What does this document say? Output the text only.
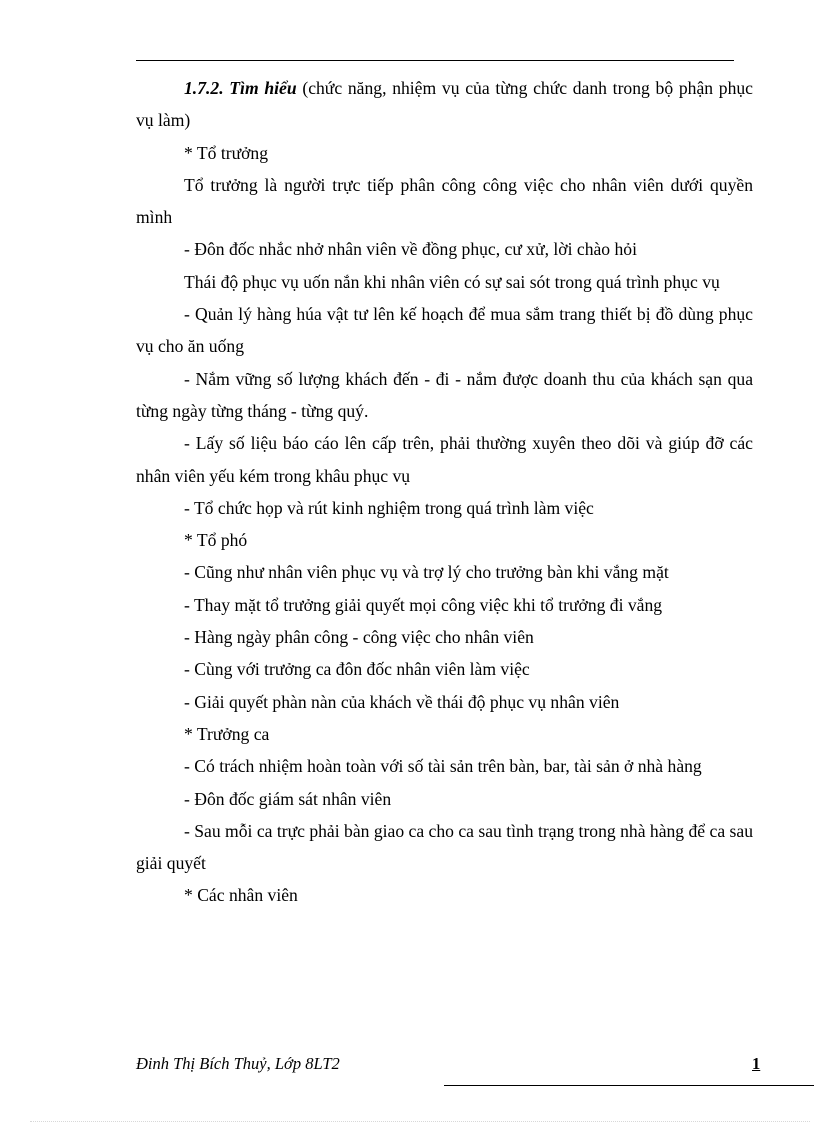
1.7.2. Tìm hiểu (chức năng, nhiệm vụ của từng chức danh trong bộ phận phục vụ làm)

* Tổ trưởng

Tổ trưởng là người trực tiếp phân công công việc cho nhân viên dưới quyền mình

- Đôn đốc nhắc nhở nhân viên về đồng phục, cư xử, lời chào hỏi

Thái độ phục vụ uốn nắn khi nhân viên có sự sai sót trong quá trình phục vụ

- Quản lý hàng húa vật tư lên kế hoạch để mua sắm trang thiết bị đồ dùng phục vụ cho ăn uống

- Nắm vững số lượng khách đến - đi - nắm được doanh thu của khách sạn qua từng ngày từng tháng - từng quý.

- Lấy số liệu báo cáo lên cấp trên, phải thường xuyên theo dõi và giúp đỡ các nhân viên yếu kém trong khâu phục vụ

- Tổ chức họp và rút kinh nghiệm trong quá trình làm việc

* Tổ phó

- Cũng như nhân viên phục vụ và trợ lý cho trưởng bàn khi vắng mặt

- Thay mặt tổ trưởng giải quyết mọi công việc khi tổ trưởng đi vắng

- Hàng ngày phân công - công việc cho nhân viên

- Cùng với trưởng ca đôn đốc nhân viên làm việc

- Giải quyết phàn nàn của khách về thái độ phục vụ nhân viên

* Trưởng ca

- Có trách nhiệm hoàn toàn với số tài sản trên bàn, bar, tài sản ở nhà hàng

- Đôn đốc giám sát nhân viên

- Sau mỗi ca trực phải bàn giao ca cho ca sau tình trạng trong nhà hàng để ca sau giải quyết

* Các nhân viên

Đinh Thị Bích Thuỷ, Lớp 8LT2	1
